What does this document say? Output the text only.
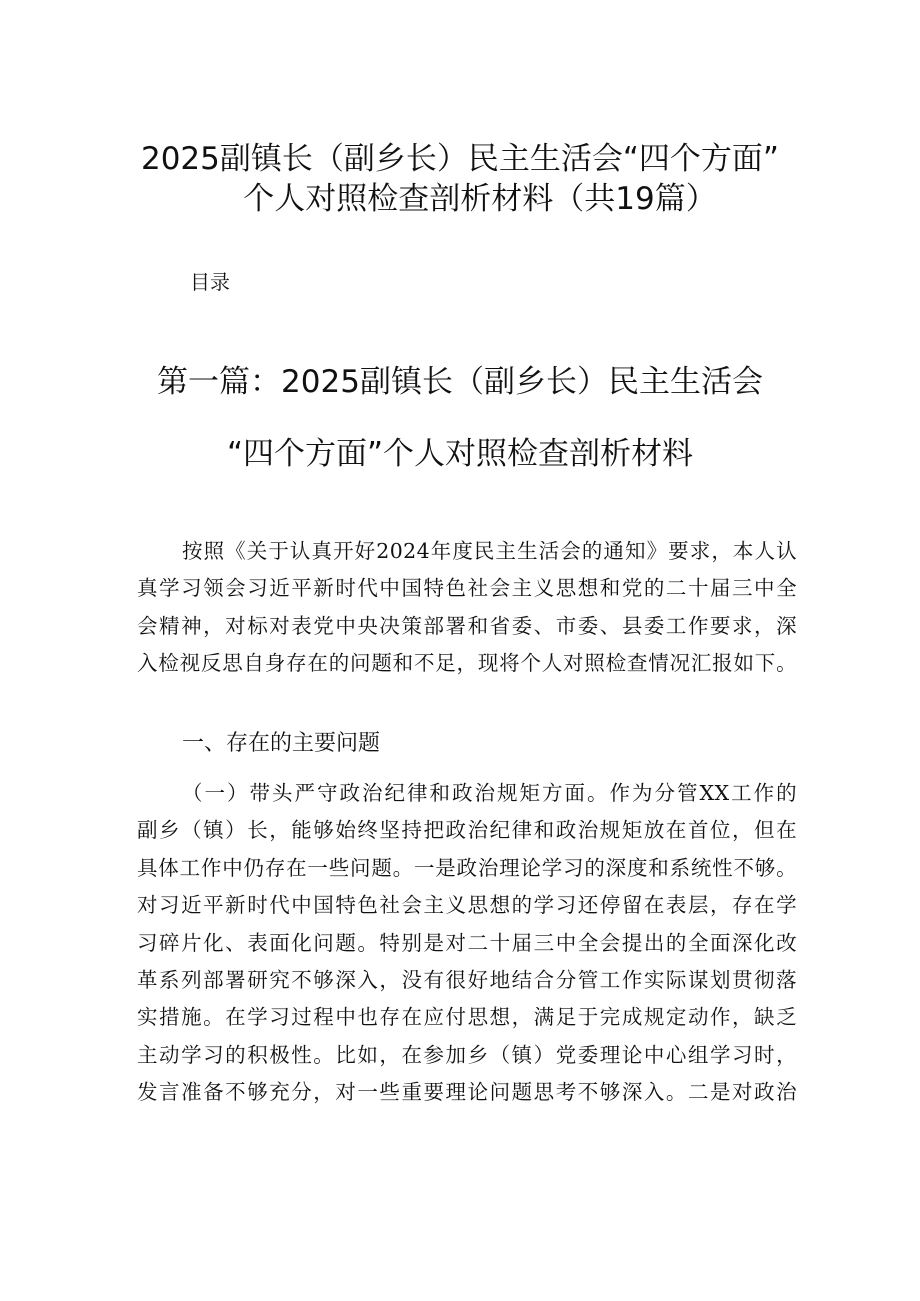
2025副镇长（副乡长）民主生活会“四个方面”
个人对照检查剖析材料（共19篇）
目录
第一篇：2025副镇长（副乡长）民主生活会
“四个方面”个人对照检查剖析材料
按照《关于认真开好2024年度民主生活会的通知》要求，本人认
真学习领会习近平新时代中国特色社会主义思想和党的二十届三中全
会精神，对标对表党中央决策部署和省委、市委、县委工作要求，深
入检视反思自身存在的问题和不足，现将个人对照检查情况汇报如下。
一、存在的主要问题
（一）带头严守政治纪律和政治规矩方面。作为分管XX工作的
副乡（镇）长，能够始终坚持把政治纪律和政治规矩放在首位，但在
具体工作中仍存在一些问题。一是政治理论学习的深度和系统性不够。
对习近平新时代中国特色社会主义思想的学习还停留在表层，存在学
习碎片化、表面化问题。特别是对二十届三中全会提出的全面深化改
革系列部署研究不够深入，没有很好地结合分管工作实际谋划贯彻落
实措施。在学习过程中也存在应付思想，满足于完成规定动作，缺乏
主动学习的积极性。比如，在参加乡（镇）党委理论中心组学习时，
发言准备不够充分，对一些重要理论问题思考不够深入。二是对政治
